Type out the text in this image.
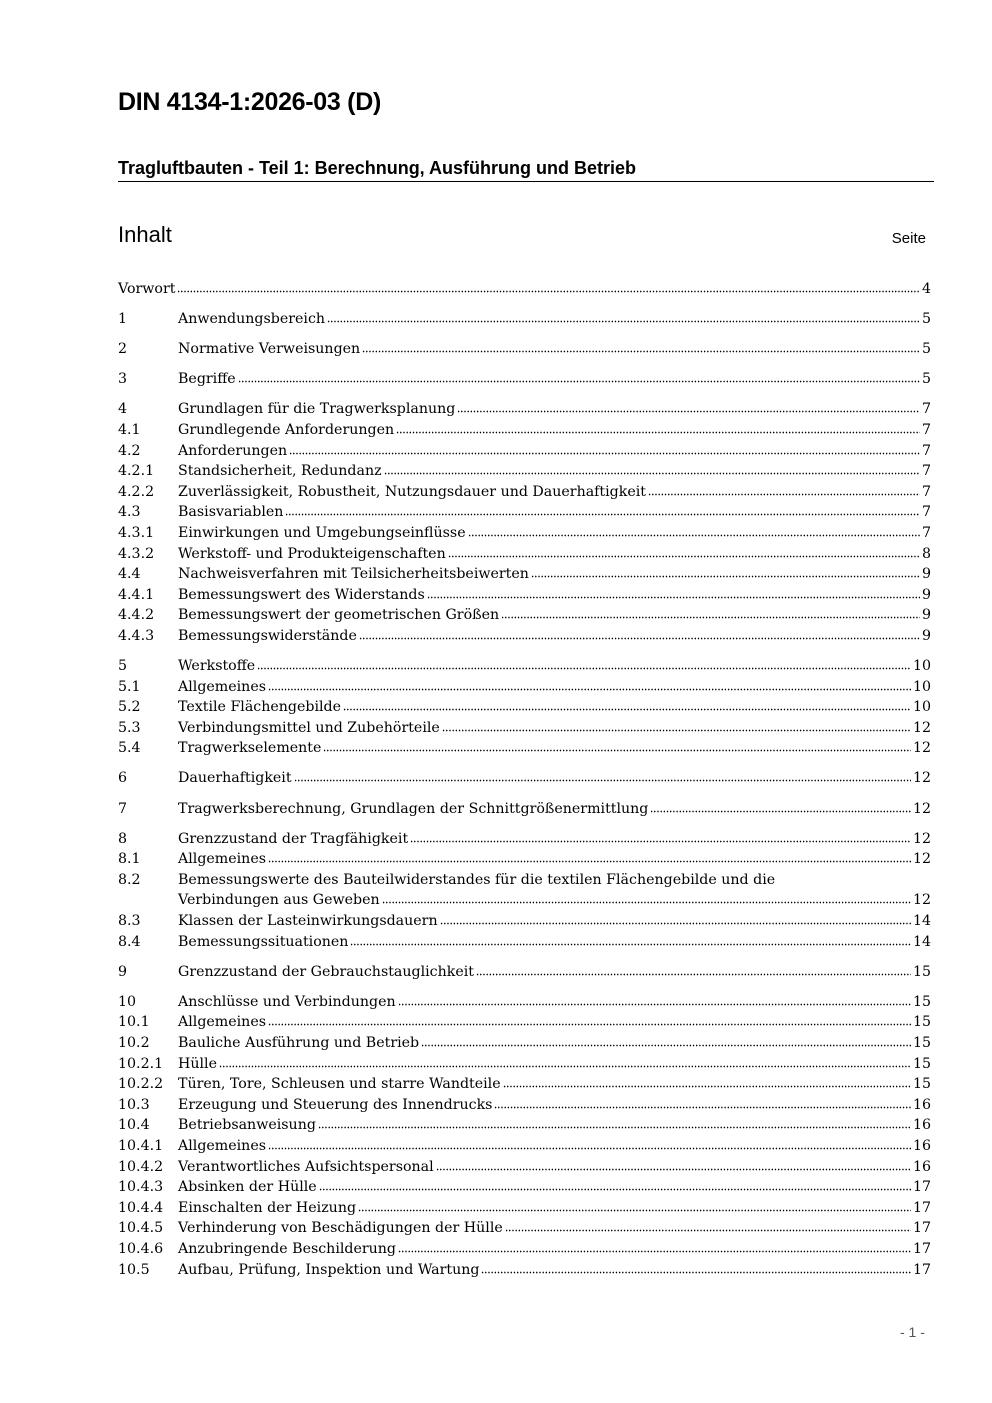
DIN 4134-1:2026-03 (D)
Tragluftbauten - Teil 1: Berechnung, Ausführung und Betrieb
Inhalt	Seite
Vorwort	4
1	Anwendungsbereich	5
2	Normative Verweisungen	5
3	Begriffe	5
4	Grundlagen für die Tragwerksplanung	7
4.1	Grundlegende Anforderungen	7
4.2	Anforderungen	7
4.2.1 Standsicherheit, Redundanz	7
4.2.2 Zuverlässigkeit, Robustheit, Nutzungsdauer und Dauerhaftigkeit	7
4.3	Basisvariablen	7
4.3.1 Einwirkungen und Umgebungseinflüsse	7
4.3.2 Werkstoff- und Produkteigenschaften	8
4.4	Nachweisverfahren mit Teilsicherheitsbeiwerten	9
4.4.1 Bemessungswert des Widerstands	9
4.4.2 Bemessungswert der geometrischen Größen	9
4.4.3 Bemessungswiderstände	9
5	Werkstoffe	10
5.1	Allgemeines	10
5.2	Textile Flächengebilde	10
5.3	Verbindungsmittel und Zubehörteile	12
5.4	Tragwerkselemente	12
6	Dauerhaftigkeit	12
7	Tragwerksberechnung, Grundlagen der Schnittgrößenermittlung	12
8	Grenzzustand der Tragfähigkeit	12
8.1	Allgemeines	12
8.2	Bemessungswerte des Bauteilwiderstandes für die textilen Flächengebilde und die
Verbindungen aus Geweben	12
8.3	Klassen der Lasteinwirkungsdauern	14
8.4	Bemessungssituationen	14
9	Grenzzustand der Gebrauchstauglichkeit	15
10	Anschlüsse und Verbindungen	15
10.1 Allgemeines	15
10.2 Bauliche Ausführung und Betrieb	15
10.2.1 Hülle	15
10.2.2 Türen, Tore, Schleusen und starre Wandteile	15
10.3 Erzeugung und Steuerung des Innendrucks	16
10.4 Betriebsanweisung	16
10.4.1 Allgemeines	16
10.4.2 Verantwortliches Aufsichtspersonal	16
10.4.3 Absinken der Hülle	17
10.4.4 Einschalten der Heizung	17
10.4.5 Verhinderung von Beschädigungen der Hülle	17
10.4.6 Anzubringende Beschilderung	17
10.5 Aufbau, Prüfung, Inspektion und Wartung	17
- 1 -
